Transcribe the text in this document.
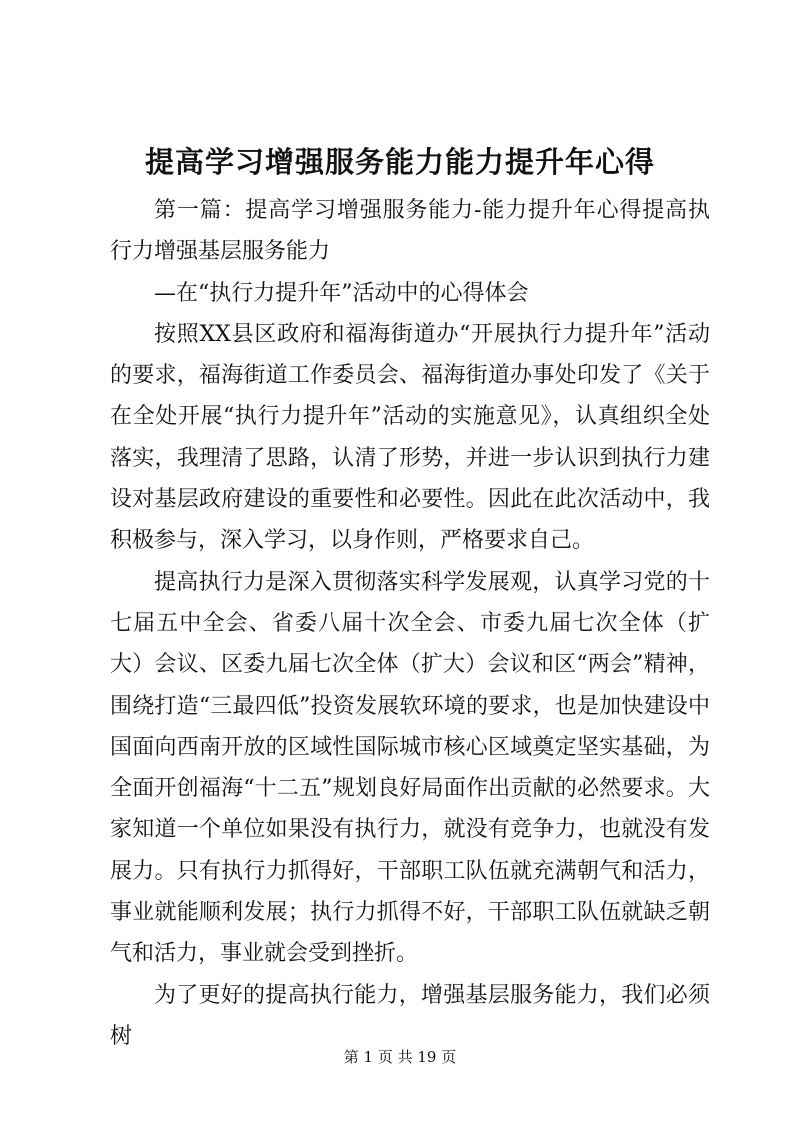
提高学习增强服务能力能力提升年心得

第一篇：提高学习增强服务能力-能力提升年心得提高执行力增强基层服务能力

—在“执行力提升年”活动中的心得体会

按照XX县区政府和福海街道办“开展执行力提升年”活动的要求，福海街道工作委员会、福海街道办事处印发了《关于在全处开展“执行力提升年”活动的实施意见》，认真组织全处落实，我理清了思路，认清了形势，并进一步认识到执行力建设对基层政府建设的重要性和必要性。因此在此次活动中，我积极参与，深入学习，以身作则，严格要求自己。

提高执行力是深入贯彻落实科学发展观，认真学习党的十七届五中全会、省委八届十次全会、市委九届七次全体（扩大）会议、区委九届七次全体（扩大）会议和区“两会”精神，围绕打造“三最四低”投资发展软环境的要求，也是加快建设中国面向西南开放的区域性国际城市核心区域奠定坚实基础，为全面开创福海“十二五”规划良好局面作出贡献的必然要求。大家知道一个单位如果没有执行力，就没有竞争力，也就没有发展力。只有执行力抓得好，干部职工队伍就充满朝气和活力，事业就能顺利发展；执行力抓得不好，干部职工队伍就缺乏朝气和活力，事业就会受到挫折。

为了更好的提高执行能力，增强基层服务能力，我们必须树

第 1 页 共 19 页
